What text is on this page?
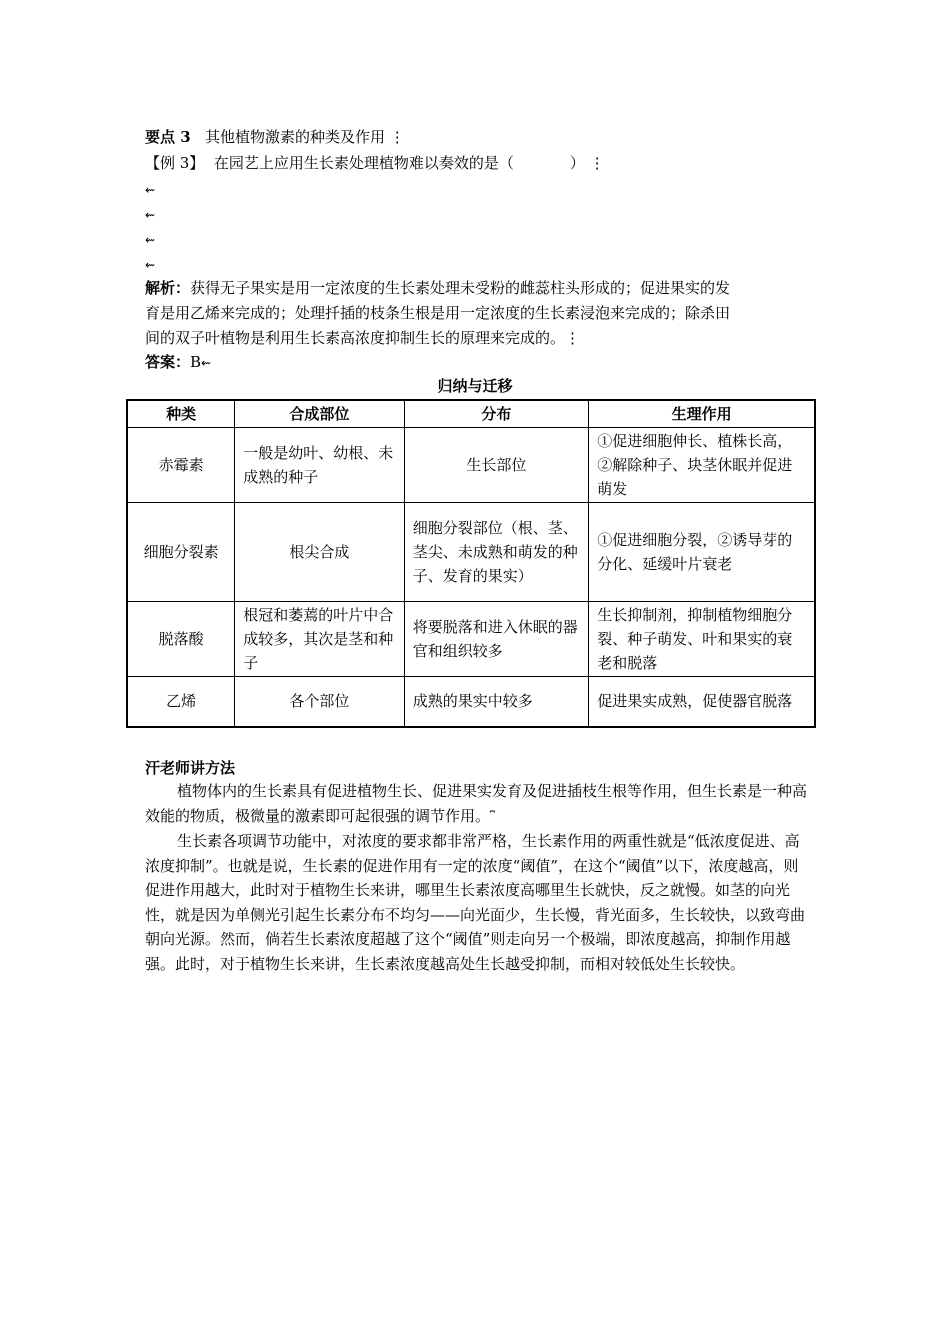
要点 3 其他植物激素的种类及作用 ⋮
【例 3】 在园艺上应用生长素处理植物难以奏效的是（	） ⋮
⇜
⇜
⇜
⇜
解析：获得无子果实是用一定浓度的生长素处理未受粉的雌蕊柱头形成的；促进果实的发
育是用乙烯来完成的；处理扦插的枝条生根是用一定浓度的生长素浸泡来完成的；除杀田
间的双子叶植物是利用生长素高浓度抑制生长的原理来完成的。⋮
答案：B⇜
归纳与迁移
种类	合成部位	分布	生理作用
赤霉素	一般是幼叶、幼根、未成熟的种子	生长部位	①促进细胞伸长、植株长高，②解除种子、块茎休眠并促进萌发
细胞分裂素	根尖合成	细胞分裂部位（根、茎、茎尖、未成熟和萌发的种子、发育的果实）	①促进细胞分裂，②诱导芽的分化、延缓叶片衰老
脱落酸	根冠和萎蔫的叶片中合成较多，其次是茎和种子	将要脱落和进入休眠的器官和组织较多	生长抑制剂，抑制植物细胞分裂、种子萌发、叶和果实的衰老和脱落
乙烯	各个部位	成熟的果实中较多	促进果实成熟，促使器官脱落
汗老师讲方法

植物体内的生长素具有促进植物生长、促进果实发育及促进插枝生根等作用，但生长素是一种高效能的物质，极微量的激素即可起很强的调节作用。⎴

生长素各项调节功能中，对浓度的要求都非常严格，生长素作用的两重性就是“低浓度促进、高浓度抑制”。也就是说，生长素的促进作用有一定的浓度“阈值”，在这个“阈值”以下，浓度越高，则促进作用越大，此时对于植物生长来讲，哪里生长素浓度高哪里生长就快，反之就慢。如茎的向光性，就是因为单侧光引起生长素分布不均匀——向光面少，生长慢，背光面多，生长较快，以致弯曲朝向光源。然而，倘若生长素浓度超越了这个“阈值”则走向另一个极端，即浓度越高，抑制作用越强。此时，对于植物生长来讲，生长素浓度越高处生长越受抑制，而相对较低处生长较快。
